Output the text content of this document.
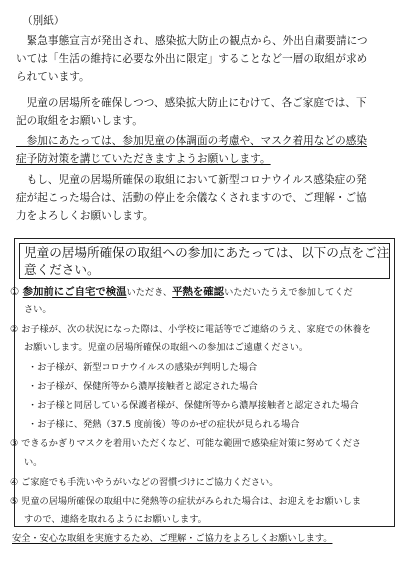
（別紙）
　緊急事態宣言が発出され、感染拡大防止の観点から、外出自粛要請につ
いては「生活の維持に必要な外出に限定」することなど一層の取組が求め
られています。
　児童の居場所を確保しつつ、感染拡大防止にむけて、各ご家庭では、下
記の取組をお願いします。
　参加にあたっては、参加児童の体調面の考慮や、マスク着用などの感染
症予防対策を講じていただきますようお願いします。
　もし、児童の居場所確保の取組において新型コロナウイルス感染症の発
症が起こった場合は、活動の停止を余儀なくされますので、ご理解・ご協
力をよろしくお願いします。
児童の居場所確保の取組への参加にあたっては、以下の点をご注
意ください。
① 参加前にご自宅で検温いただき、平熱を確認いただいたうえで参加してくだ
さい。
② お子様が、次の状況になった際は、小学校に電話等でご連絡のうえ、家庭での休養を
お願いします。児童の居場所確保の取組への参加はご遠慮ください。
・お子様が、新型コロナウイルスの感染が判明した場合
・お子様が、保健所等から濃厚接触者と認定された場合
・お子様と同居している保護者様が、保健所等から濃厚接触者と認定された場合
・お子様に、発熱（37.5 度前後）等のかぜの症状が見られる場合
③ できるかぎりマスクを着用いただくなど、可能な範囲で感染症対策に努めてくださ
い。
④ ご家庭でも手洗いやうがいなどの習慣づけにご協力ください。
⑤ 児童の居場所確保の取組中に発熱等の症状がみられた場合は、お迎えをお願いしま
すので、連絡を取れるようにお願いします。
安全・安心な取組を実施するため、ご理解・ご協力をよろしくお願いします。
